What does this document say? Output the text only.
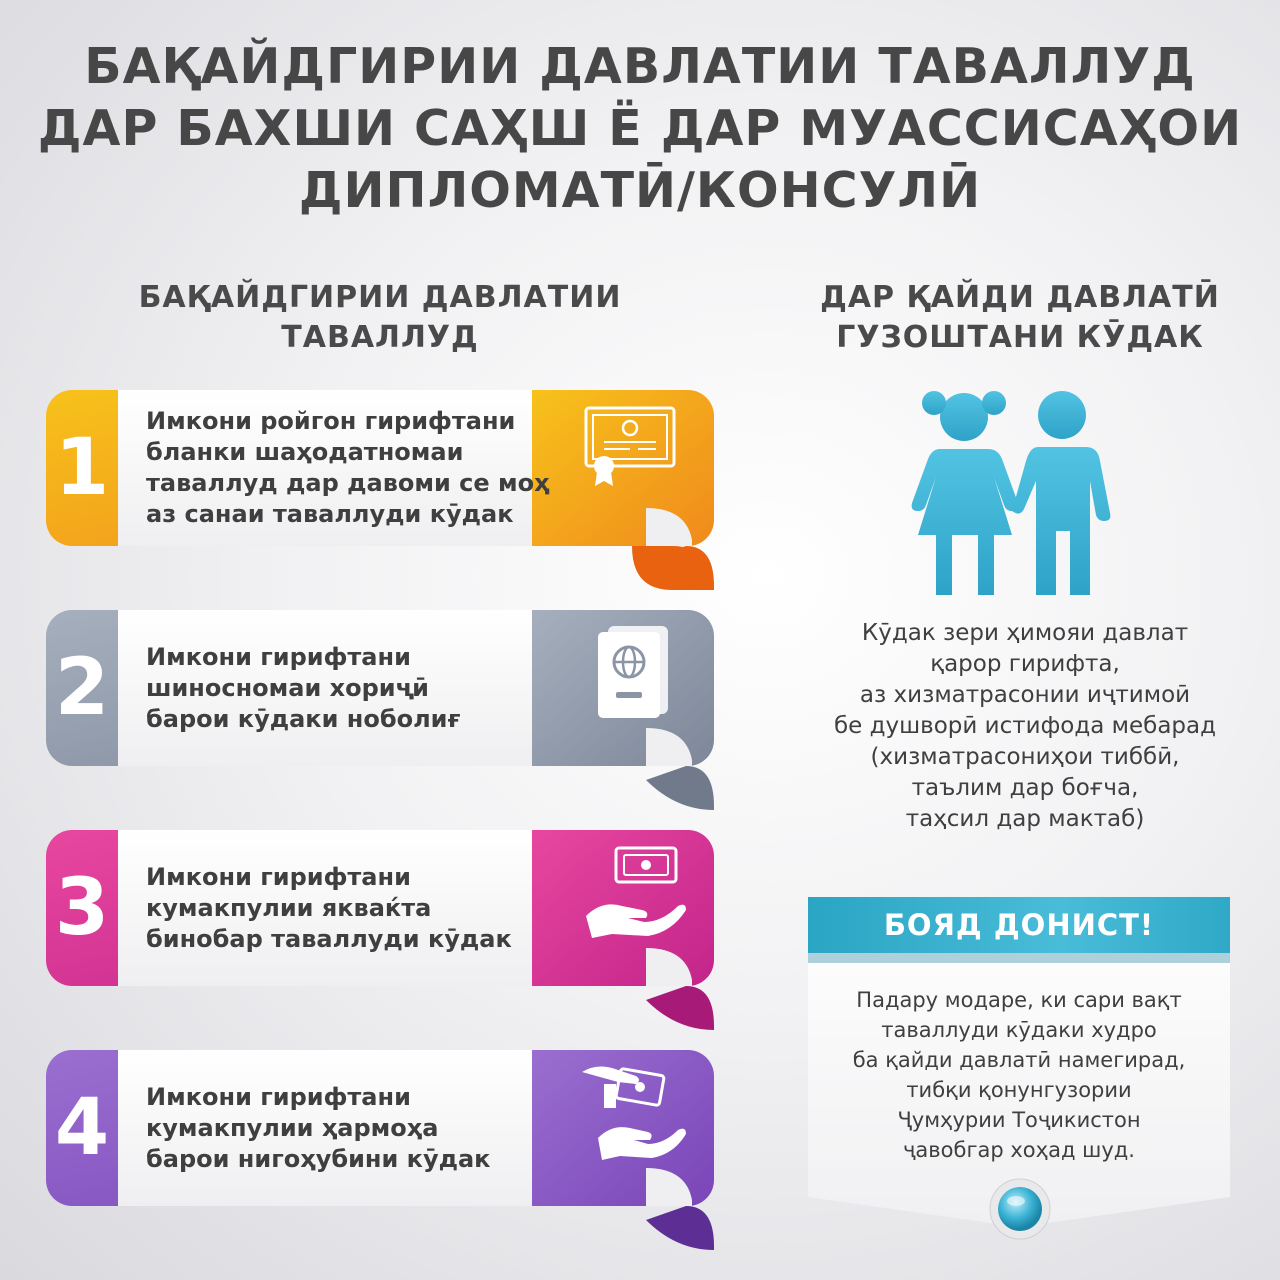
БАҚАЙДГИРИИ ДАВЛАТИИ ТАВАЛЛУД
ДАР БАХШИ САҲШ Ё ДАР МУАССИСАҲОИ
ДИПЛОМАТӢ/КОНСУЛӢ
БАҚАЙДГИРИИ ДАВЛАТИИ
ТАВАЛЛУД
ДАР ҚАЙДИ ДАВЛАТӢ
ГУЗОШТАНИ КӮДАК
1
Имкони ройгон гирифтани
бланки шаҳодатномаи
таваллуд дар давоми се моҳ
аз санаи таваллуди кӯдак
2	Имкони гирифтани
шиносномаи хориҷӣ
барои кӯдаки ноболиғ
3	Имкони гирифтани
кумакпулии якваќта
бинобар таваллуди кӯдак
4	Имкони гирифтани
кумакпулии ҳармоҳа
барои нигоҳубини кӯдак
Кӯдак зери ҳимояи давлат
қарор гирифта,
аз хизматрасонии иҷтимоӣ
бе душворӣ истифода мебарад
(хизматрасониҳои тиббӣ,
таълим дар боғча,
таҳсил дар мактаб)
БОЯД ДОНИСТ!
Падару модаре, ки сари вақт
таваллуди кӯдаки худро
ба қайди давлатӣ намегирад,
тибқи қонунгузории
Ҷумҳурии Тоҷикистон
ҷавобгар хоҳад шуд.
